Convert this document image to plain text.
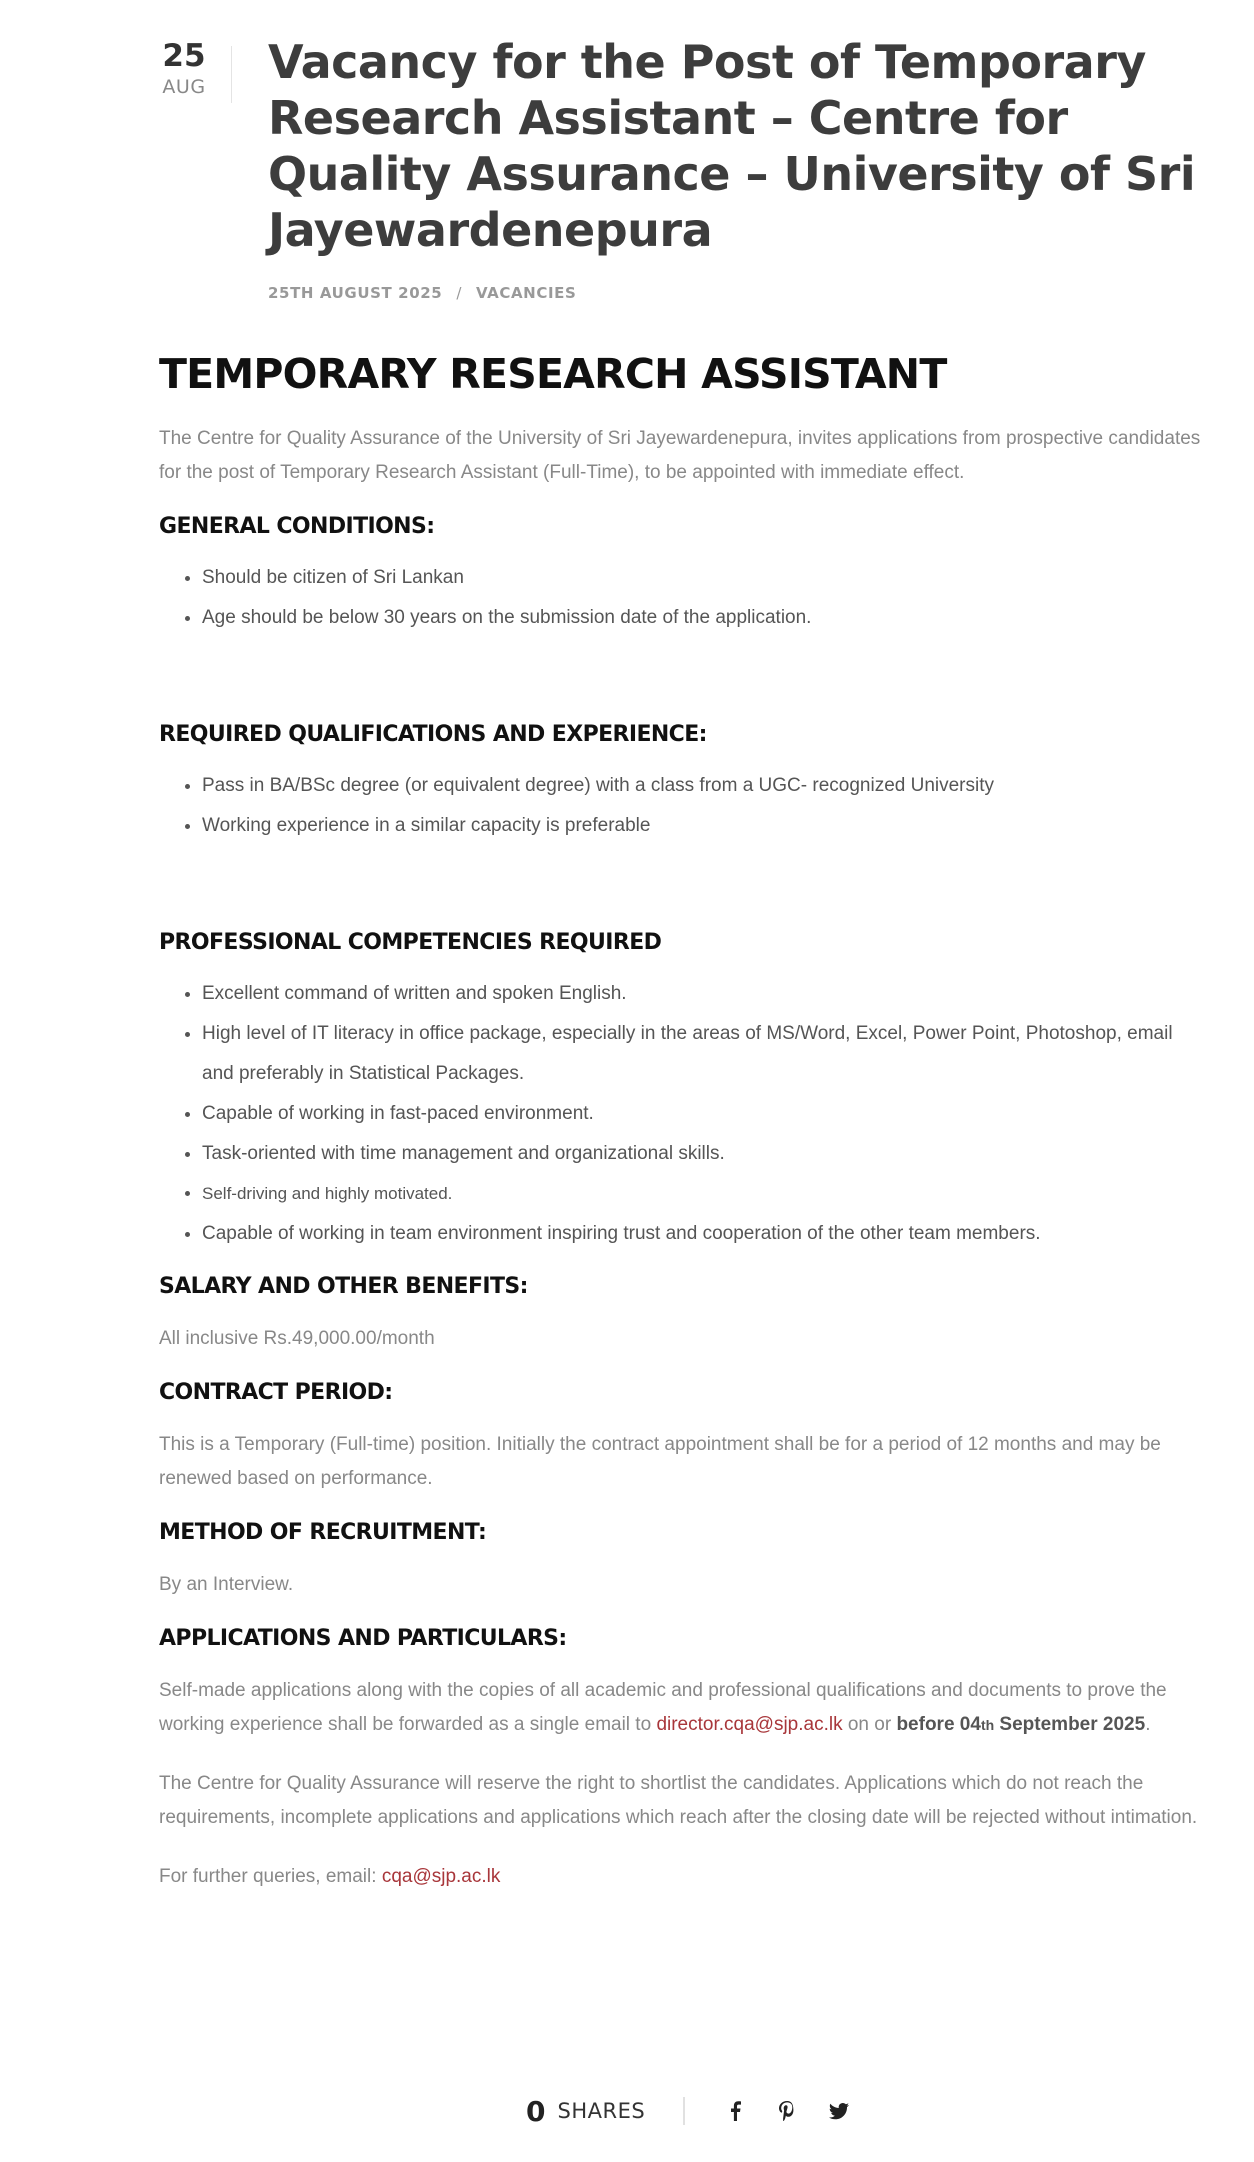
25
AUG Vacancy for the Post of Temporary Research Assistant – Centre for Quality Assurance – University of Sri Jayewardenepura
25TH AUGUST 2025 / VACANCIES
TEMPORARY RESEARCH ASSISTANT

The Centre for Quality Assurance of the University of Sri Jayewardenepura, invites applications from prospective candidates for the post of Temporary Research Assistant (Full-Time), to be appointed with immediate effect.

GENERAL CONDITIONS:
• Should be citizen of Sri Lankan
• Age should be below 30 years on the submission date of the application.
REQUIRED QUALIFICATIONS AND EXPERIENCE:
• Pass in BA/BSc degree (or equivalent degree) with a class from a UGC- recognized University
• Working experience in a similar capacity is preferable
PROFESSIONAL COMPETENCIES REQUIRED
• Excellent command of written and spoken English.
• High level of IT literacy in office package, especially in the areas of MS/Word, Excel, Power Point, Photoshop, email and preferably in Statistical Packages.
• Capable of working in fast-paced environment.
• Task-oriented with time management and organizational skills.
• Self-driving and highly motivated.
• Capable of working in team environment inspiring trust and cooperation of the other team members.
SALARY AND OTHER BENEFITS:

All inclusive Rs.49,000.00/month

CONTRACT PERIOD:

This is a Temporary (Full-time) position. Initially the contract appointment shall be for a period of 12 months and may be renewed based on performance.

METHOD OF RECRUITMENT:

By an Interview.

APPLICATIONS AND PARTICULARS:

Self-made applications along with the copies of all academic and professional qualifications and documents to prove the working experience shall be forwarded as a single email to director.cqa@sjp.ac.lk on or before 04th September 2025.

The Centre for Quality Assurance will reserve the right to shortlist the candidates. Applications which do not reach the requirements, incomplete applications and applications which reach after the closing date will be rejected without intimation.

For further queries, email: cqa@sjp.ac.lk

0 SHARES
